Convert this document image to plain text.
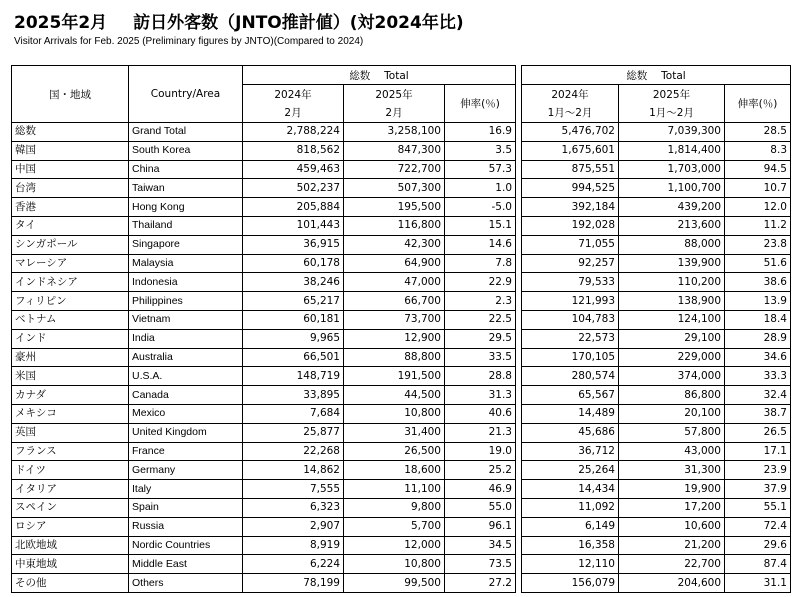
2025年2月 訪日外客数（JNTO推計値）(対2024年比)
Visitor Arrivals for Feb. 2025 (Preliminary figures by JNTO)(Compared to 2024)
国・地域	Country/Area	総数　 Total				総数　 Total		
		2024年	2025年	伸率(％)		2024年	2025年	伸率(％)
		2月	2月			1月～2月	1月～2月	
総数	Grand Total	2,788,224	3,258,100	16.9		5,476,702	7,039,300	28.5
韓国	South Korea	818,562	847,300	3.5		1,675,601	1,814,400	8.3
中国	China	459,463	722,700	57.3		875,551	1,703,000	94.5
台湾	Taiwan	502,237	507,300	1.0		994,525	1,100,700	10.7
香港	Hong Kong	205,884	195,500	-5.0		392,184	439,200	12.0
タイ	Thailand	101,443	116,800	15.1		192,028	213,600	11.2
シンガポール	Singapore	36,915	42,300	14.6		71,055	88,000	23.8
マレーシア	Malaysia	60,178	64,900	7.8		92,257	139,900	51.6
インドネシア	Indonesia	38,246	47,000	22.9		79,533	110,200	38.6
フィリピン	Philippines	65,217	66,700	2.3		121,993	138,900	13.9
ベトナム	Vietnam	60,181	73,700	22.5		104,783	124,100	18.4
インド	India	9,965	12,900	29.5		22,573	29,100	28.9
豪州	Australia	66,501	88,800	33.5		170,105	229,000	34.6
米国	U.S.A.	148,719	191,500	28.8		280,574	374,000	33.3
カナダ	Canada	33,895	44,500	31.3		65,567	86,800	32.4
メキシコ	Mexico	7,684	10,800	40.6		14,489	20,100	38.7
英国	United Kingdom	25,877	31,400	21.3		45,686	57,800	26.5
フランス	France	22,268	26,500	19.0		36,712	43,000	17.1
ドイツ	Germany	14,862	18,600	25.2		25,264	31,300	23.9
イタリア	Italy	7,555	11,100	46.9		14,434	19,900	37.9
スペイン	Spain	6,323	9,800	55.0		11,092	17,200	55.1
ロシア	Russia	2,907	5,700	96.1		6,149	10,600	72.4
北欧地域	Nordic Countries	8,919	12,000	34.5		16,358	21,200	29.6
中東地域	Middle East	6,224	10,800	73.5		12,110	22,700	87.4
その他	Others	78,199	99,500	27.2		156,079	204,600	31.1
